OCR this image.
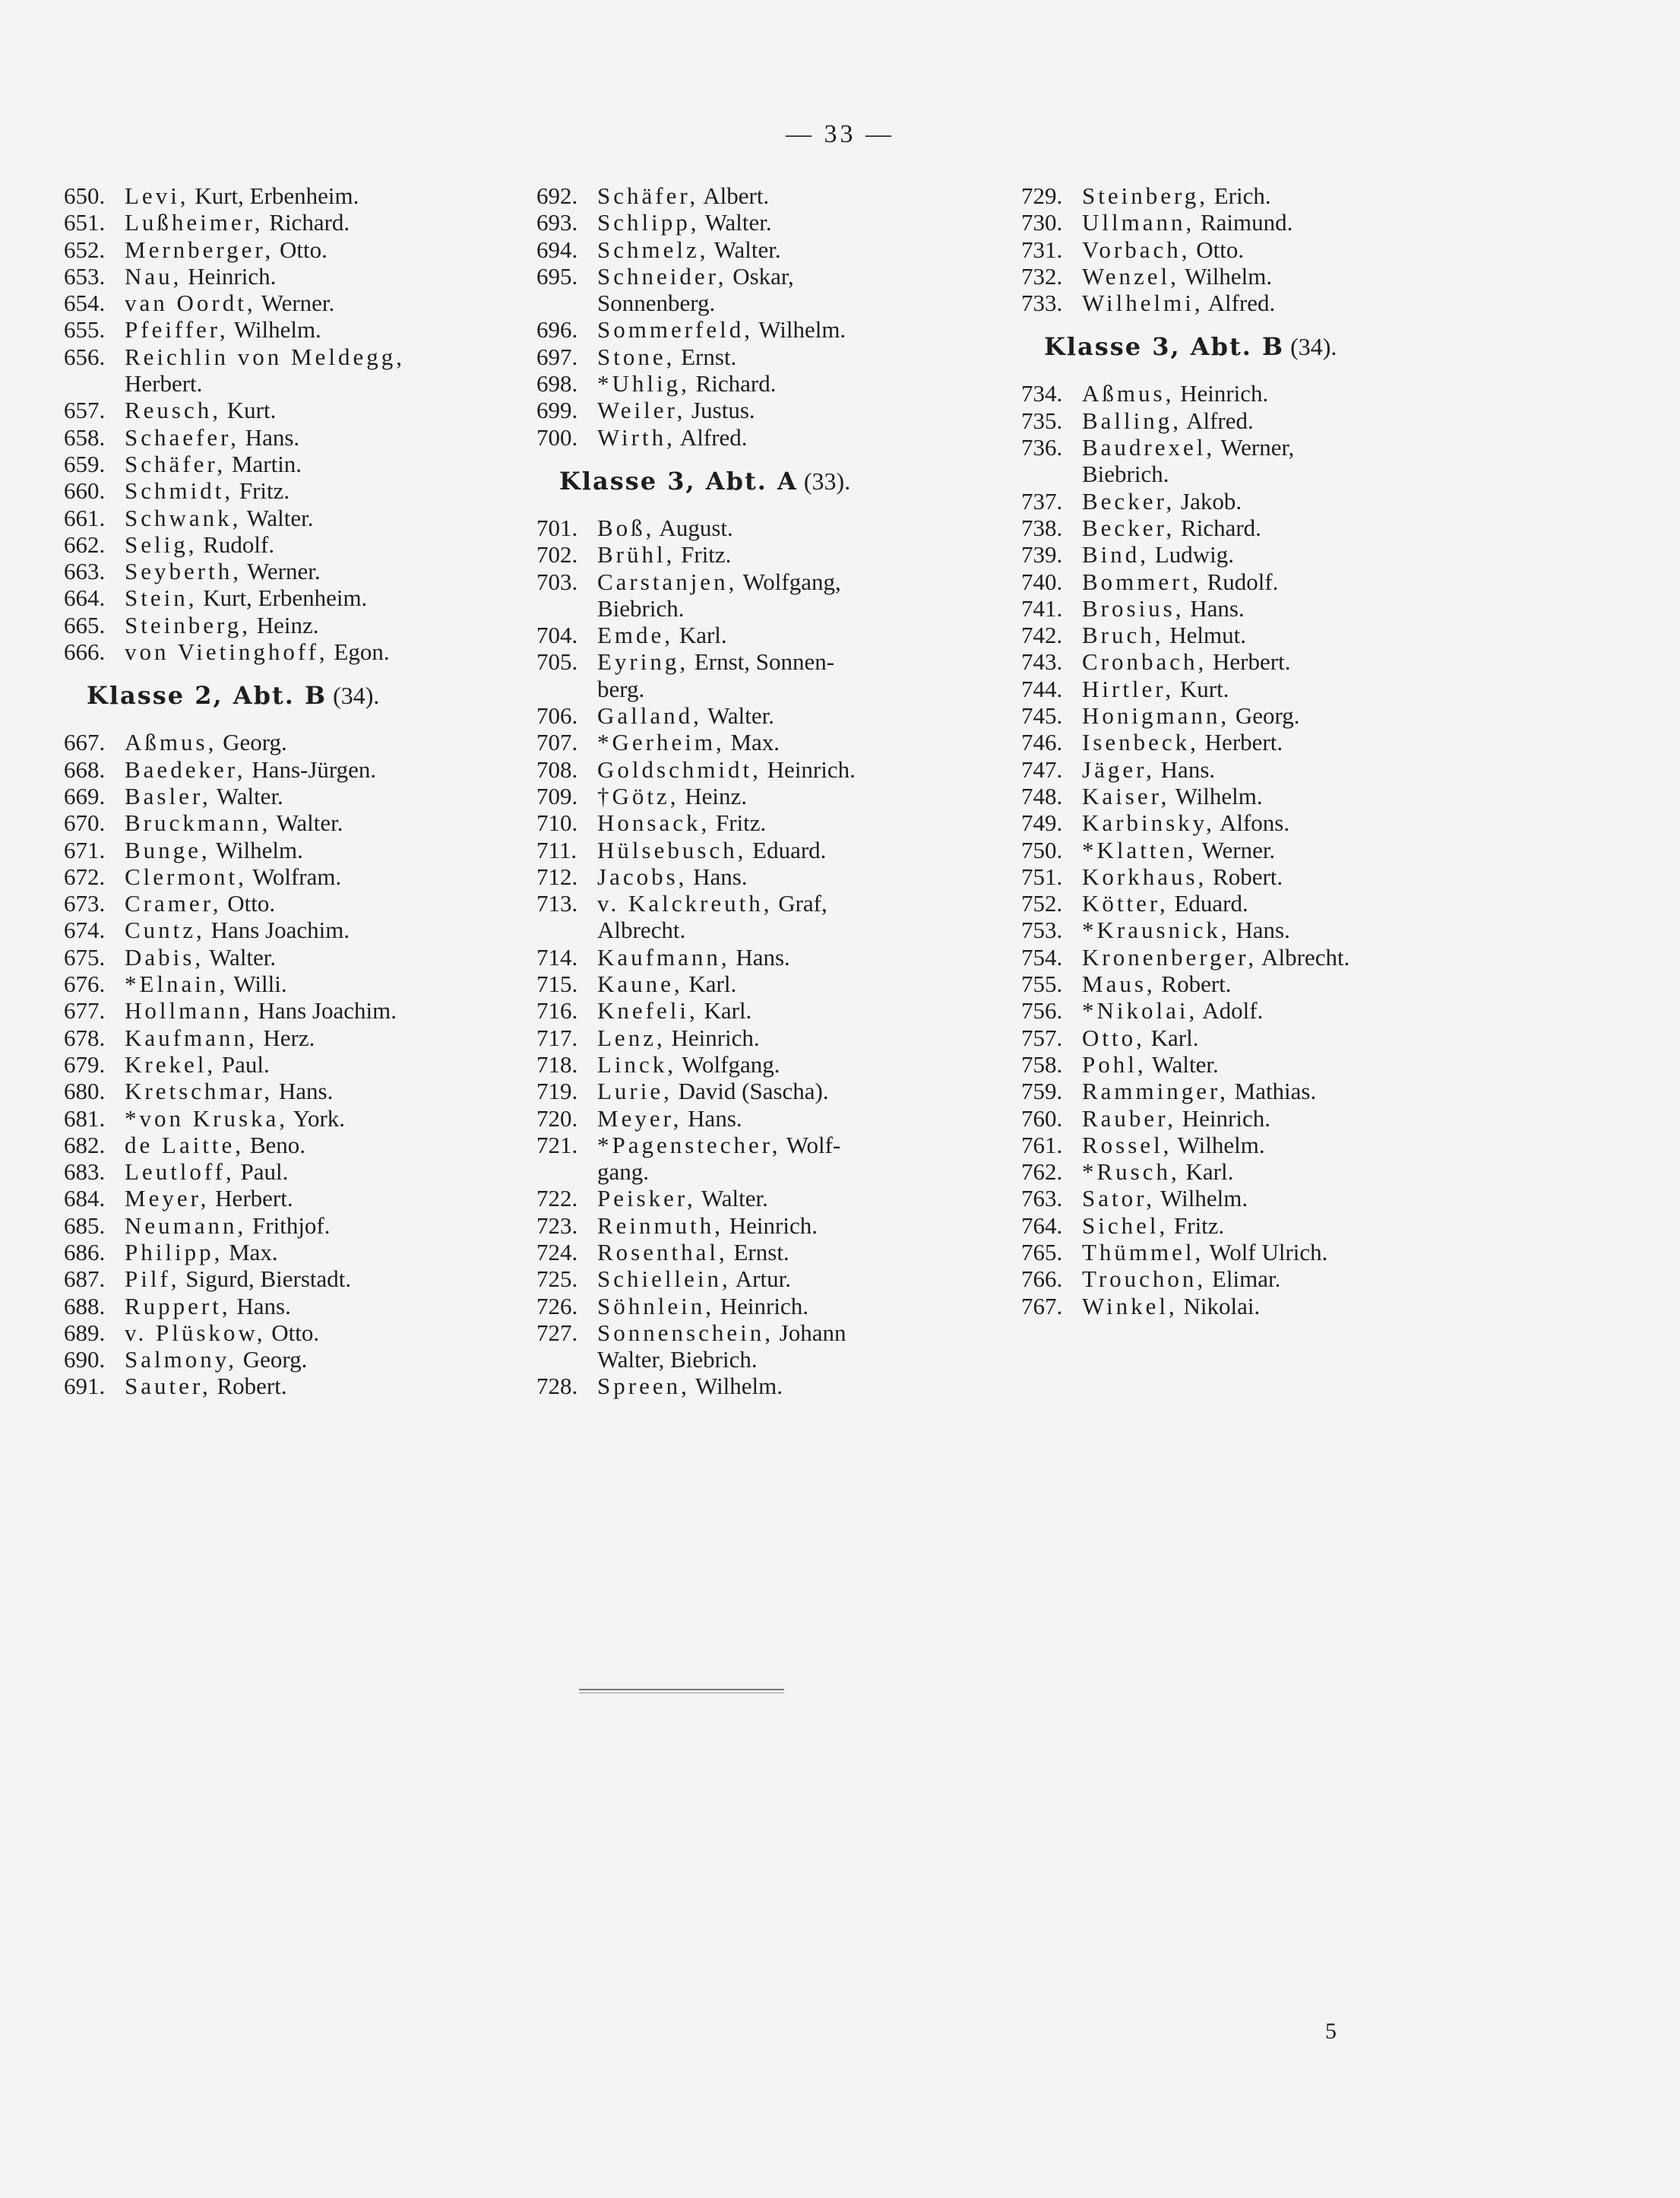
— 33 —
650. Levi, Kurt, Erbenheim.
651. Lußheimer, Richard.
652. Mernberger, Otto.
653. Nau, Heinrich.
654. van Oordt, Werner.
655. Pfeiffer, Wilhelm.
656. Reichlin von Meldegg,
Herbert.
657. Reusch, Kurt.
658. Schaefer, Hans.
659. Schäfer, Martin.
660. Schmidt, Fritz.
661. Schwank, Walter.
662. Selig, Rudolf.
663. Seyberth, Werner.
664. Stein, Kurt, Erbenheim.
665. Steinberg, Heinz.
666. von Vietinghoff, Egon.
Klasse 2, Abt. B (34).
667. Aßmus, Georg.
668. Baedeker, Hans-Jürgen.
669. Basler, Walter.
670. Bruckmann, Walter.
671. Bunge, Wilhelm.
672. Clermont, Wolfram.
673. Cramer, Otto.
674. Cuntz, Hans Joachim.
675. Dabis, Walter.
676. *Elnain, Willi.
677. Hollmann, Hans Joachim.
678. Kaufmann, Herz.
679. Krekel, Paul.
680. Kretschmar, Hans.
681. *von Kruska, York.
682. de Laitte, Beno.
683. Leutloff, Paul.
684. Meyer, Herbert.
685. Neumann, Frithjof.
686. Philipp, Max.
687. Pilf, Sigurd, Bierstadt.
688. Ruppert, Hans.
689. v. Plüskow, Otto.
690. Salmony, Georg.
691. Sauter, Robert.
692. Schäfer, Albert.
693. Schlipp, Walter.
694. Schmelz, Walter.
695. Schneider, Oskar,
Sonnenberg.
696. Sommerfeld, Wilhelm.
697. Stone, Ernst.
698. *Uhlig, Richard.
699. Weiler, Justus.
700. Wirth, Alfred.
Klasse 3, Abt. A (33).
701. Boß, August.
702. Brühl, Fritz.
703. Carstanjen, Wolfgang,
Biebrich.
704. Emde, Karl.
705. Eyring, Ernst, Sonnen-
berg.
706. Galland, Walter.
707. *Gerheim, Max.
708. Goldschmidt, Heinrich.
709. †Götz, Heinz.
710. Honsack, Fritz.
711. Hülsebusch, Eduard.
712. Jacobs, Hans.
713. v. Kalckreuth, Graf,
Albrecht.
714. Kaufmann, Hans.
715. Kaune, Karl.
716. Knefeli, Karl.
717. Lenz, Heinrich.
718. Linck, Wolfgang.
719. Lurie, David (Sascha).
720. Meyer, Hans.
721. *Pagenstecher, Wolf-
gang.
722. Peisker, Walter.
723. Reinmuth, Heinrich.
724. Rosenthal, Ernst.
725. Schiellein, Artur.
726. Söhnlein, Heinrich.
727. Sonnenschein, Johann
Walter, Biebrich.
728. Spreen, Wilhelm.
729. Steinberg, Erich.
730. Ullmann, Raimund.
731. Vorbach, Otto.
732. Wenzel, Wilhelm.
733. Wilhelmi, Alfred.
Klasse 3, Abt. B (34).
734. Aßmus, Heinrich.
735. Balling, Alfred.
736. Baudrexel, Werner,
Biebrich.
737. Becker, Jakob.
738. Becker, Richard.
739. Bind, Ludwig.
740. Bommert, Rudolf.
741. Brosius, Hans.
742. Bruch, Helmut.
743. Cronbach, Herbert.
744. Hirtler, Kurt.
745. Honigmann, Georg.
746. Isenbeck, Herbert.
747. Jäger, Hans.
748. Kaiser, Wilhelm.
749. Karbinsky, Alfons.
750. *Klatten, Werner.
751. Korkhaus, Robert.
752. Kötter, Eduard.
753. *Krausnick, Hans.
754. Kronenberger, Albrecht.
755. Maus, Robert.
756. *Nikolai, Adolf.
757. Otto, Karl.
758. Pohl, Walter.
759. Ramminger, Mathias.
760. Rauber, Heinrich.
761. Rossel, Wilhelm.
762. *Rusch, Karl.
763. Sator, Wilhelm.
764. Sichel, Fritz.
765. Thümmel, Wolf Ulrich.
766. Trouchon, Elimar.
767. Winkel, Nikolai.
5
